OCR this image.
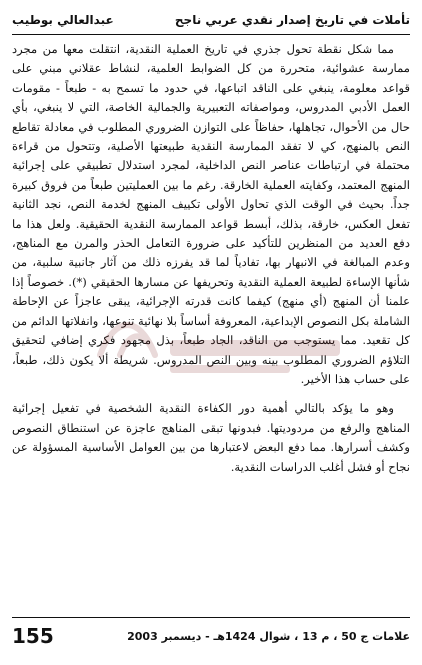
تأملات في تاريخ إصدار نقدي عربي ناجح
عبدالعالي بوطيب

مما شكل نقطة تحول جذري في تاريخ العملية النقدية، انتقلت معها من مجرد ممارسة عشوائية، متحررة من كل الضوابط العلمية، لنشاط عقلاني مبني على قواعد معلومة، ينبغي على الناقد اتباعها، في حدود ما تسمح به - طبعاً - مقومات العمل الأدبي المدروس، ومواصفاته التعبيرية والجمالية الخاصة، التي لا ينبغي، بأي حال من الأحوال، تجاهلها، حفاظاً على التوازن الضروري المطلوب في معادلة تقاطع النص بالمنهج، كي لا تفقد الممارسة النقدية طبيعتها الأصلية، وتتحول من قراءة محتملة في ارتباطات عناصر النص الداخلية، لمجرد استدلال تطبيقي على إجرائية المنهج المعتمد، وكفايته العملية الخارقة. رغم ما بين العمليتين طبعاً من فروق كبيرة جداً. بحيث في الوقت الذي تحاول الأولى تكييف المنهج لخدمة النص، نجد الثانية تفعل العكس، خارقة، بذلك، أبسط قواعد الممارسة النقدية الحقيقية. ولعل هذا ما دفع العديد من المنظرين للتأكيد على ضرورة التعامل الحذر والمرن مع المناهج، وعدم المبالغة في الانبهار بها، تفادياً لما قد يفرزه ذلك من آثار جانبية سلبية، من شأنها الإساءة لطبيعة العملية النقدية وتحريفها عن مسارها الحقيقي (*). خصوصاً إذا علمنا أن المنهج (أي منهج) كيفما كانت قدرته الإجرائية، يبقى عاجزاً عن الإحاطة الشاملة بكل النصوص الإبداعية، المعروفة أساساً بلا نهائية تنوعها، وانفلاتها الدائم من كل تقعيد. مما يستوجب من الناقد، الجاد طبعاً، بذل مجهود فكري إضافي لتحقيق التلاؤم الضروري المطلوب بينه وبين النص المدروس. شريطة ألا يكون ذلك، طبعاً، على حساب هذا الأخير.

وهو ما يؤكد بالتالي أهمية دور الكفاءة النقدية الشخصية في تفعيل إجرائية المناهج والرفع من مردوديتها. فبدونها تبقى المناهج عاجزة عن استنطاق النصوص وكشف أسرارها. مما دفع البعض لاعتبارها من بين العوامل الأساسية المسؤولة عن نجاح أو فشل أغلب الدراسات النقدية.

155	علامات ج 50 ، م 13 ، شوال 1424هـ - ديسمبر 2003
